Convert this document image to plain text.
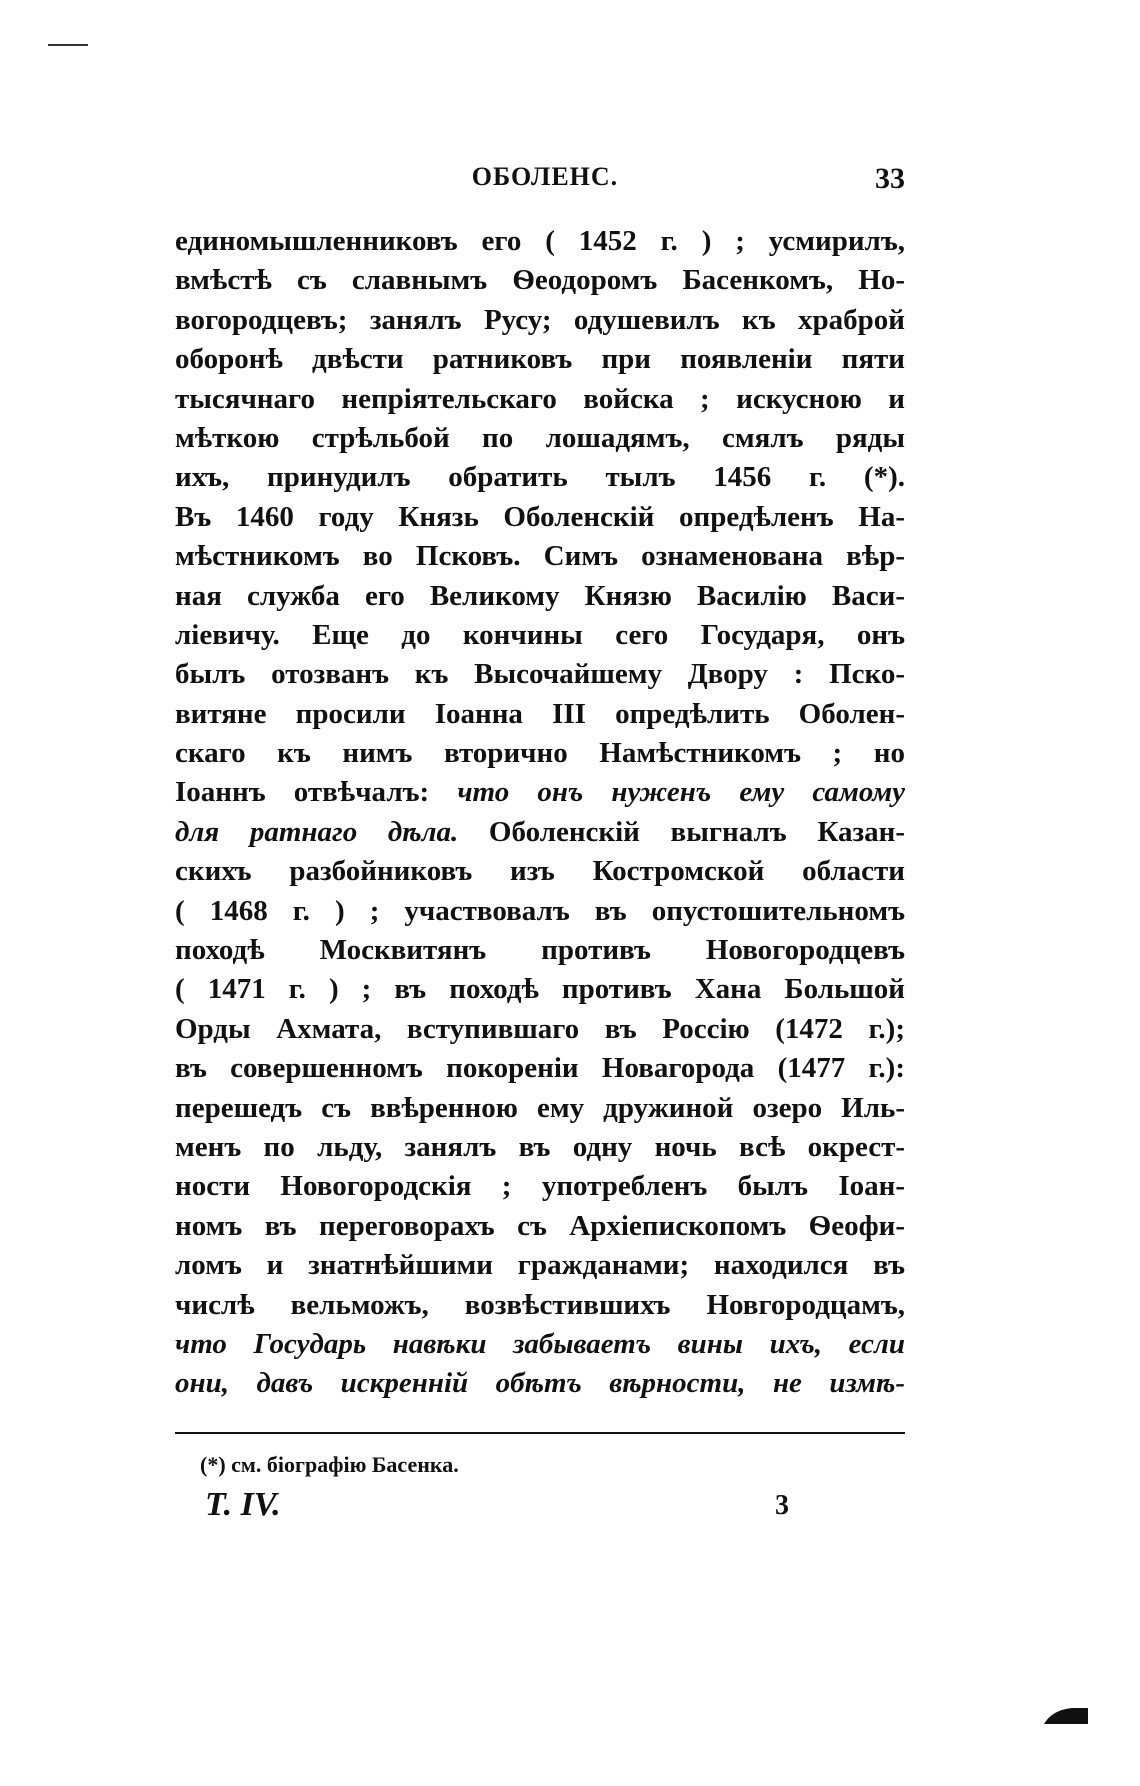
ОБОЛЕНС.	33
единомышленниковъ его ( 1452 г. ) ; усмирилъ,
вмѣстѣ съ славнымъ Ѳеодоромъ Басенкомъ, Но-
вогородцевъ; занялъ Русу; одушевилъ къ храброй
оборонѣ двѣсти ратниковъ при появленіи пяти
тысячнаго непріятельскаго войска ; искусною и
мѣткою стрѣльбой по лошадямъ, смялъ ряды
ихъ, принудилъ обратить тылъ 1456 г. (*).
Въ 1460 году Князь Оболенскій опредѣленъ На-
мѣстникомъ во Псковъ. Симъ ознаменована вѣр-
ная служба его Великому Князю Василію Васи-
ліевичу. Еще до кончины сего Государя, онъ
былъ отозванъ къ Высочайшему Двору : Пско-
витяне просили Іоанна III опредѣлить Оболен-
скаго къ нимъ вторично Намѣстникомъ ; но
Іоаннъ отвѣчалъ: что онъ нуженъ ему самому
для ратнаго дѣла. Оболенскій выгналъ Казан-
скихъ разбойниковъ изъ Костромской области
( 1468 г. ) ; участвовалъ въ опустошительномъ
походѣ Москвитянъ противъ Новогородцевъ
( 1471 г. ) ; въ походѣ противъ Хана Большой
Орды Ахмата, вступившаго въ Россію (1472 г.);
въ совершенномъ покореніи Новагорода (1477 г.):
перешедъ съ ввѣренною ему дружиной озеро Иль-
менъ по льду, занялъ въ одну ночь всѣ окрест-
ности Новогородскія ; употребленъ былъ Іоан-
номъ въ переговорахъ съ Архіепископомъ Ѳеофи-
ломъ и знатнѣйшими гражданами; находился въ
числѣ вельможъ, возвѣстившихъ Новгородцамъ,
что Государь навѣки забываетъ вины ихъ, если
они, давъ искренній обѣтъ вѣрности, не измѣ-
(*) см. біографію Басенка.
Т. IV.	3
